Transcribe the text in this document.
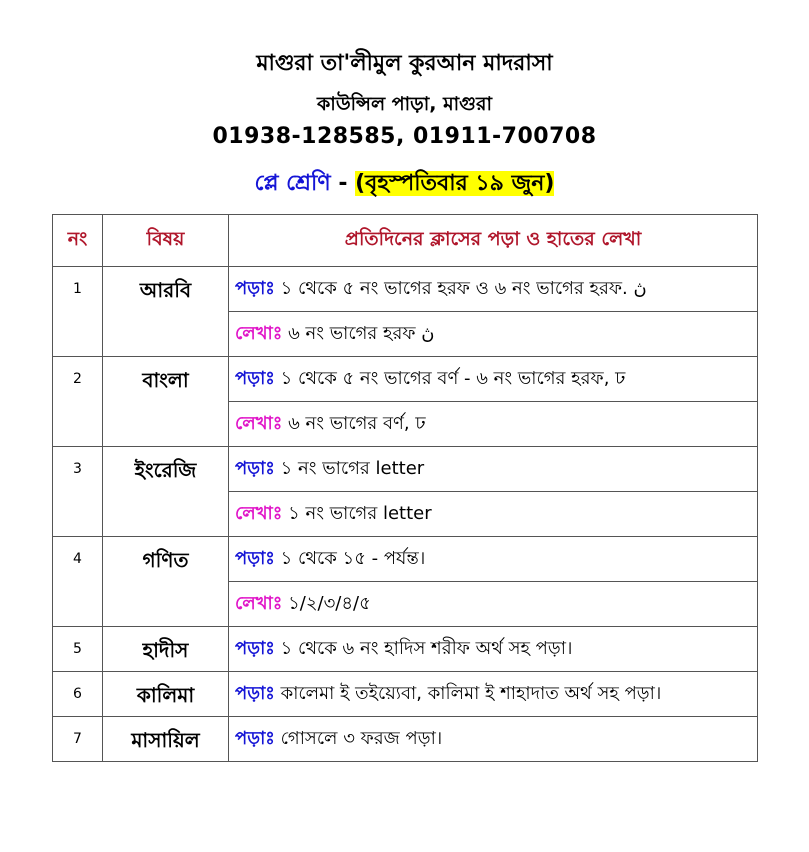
মাগুরা তা'লীমুল কুরআন মাদরাসা
কাউন্সিল পাড়া, মাগুরা
01938-128585, 01911-700708
প্লে শ্রেণি - (বৃহস্পতিবার ১৯ জুন)
নং	বিষয়	প্রতিদিনের ক্লাসের পড়া ও হাতের লেখা
1	আরবি	পড়াঃ ১ থেকে ৫ নং ভাগের হরফ ও ৬ নং ভাগের হরফ. ڽ
		লেখাঃ ৬ নং ভাগের হরফ ڽ
2	বাংলা	পড়াঃ ১ থেকে ৫ নং ভাগের বর্ণ - ৬ নং ভাগের হরফ, ঢ
		লেখাঃ ৬ নং ভাগের বর্ণ, ঢ
3	ইংরেজি	পড়াঃ ১ নং ভাগের letter
		লেখাঃ ১ নং ভাগের letter
4	গণিত	পড়াঃ ১ থেকে ১৫ - পর্যন্ত।
		লেখাঃ ১/২/৩/৪/৫
5	হাদীস	পড়াঃ ১ থেকে ৬ নং হাদিস শরীফ অর্থ সহ পড়া।
6	কালিমা	পড়াঃ কালেমা ই তইয়্যেবা, কালিমা ই শাহাদাত অর্থ সহ পড়া।
7	মাসায়িল	পড়াঃ গোসলে ৩ ফরজ পড়া।
